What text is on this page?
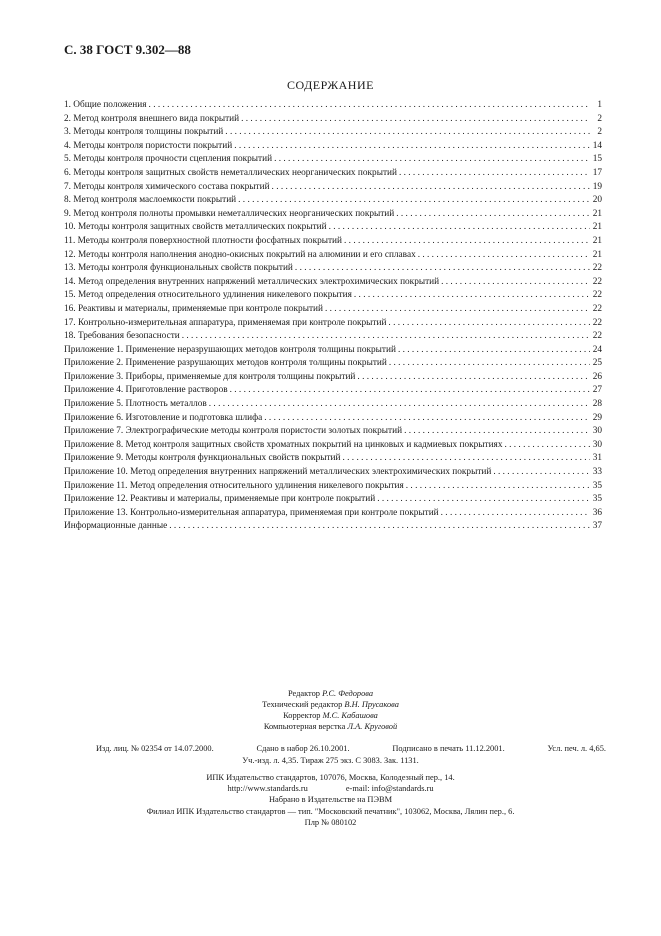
С. 38 ГОСТ 9.302—88
СОДЕРЖАНИЕ
1. Общие положения . . .	1
2. Метод контроля внешнего вида покрытий . . .	2
3. Методы контроля толщины покрытий . . .	2
4. Методы контроля пористости покрытий . . .	14
5. Методы контроля прочности сцепления покрытий . . .	15
6. Методы контроля защитных свойств неметаллических неорганических покрытий . . .	17
7. Методы контроля химического состава покрытий . . .	19
8. Метод контроля маслоемкости покрытий . . .	20
9. Метод контроля полноты промывки неметаллических неорганических покрытий . . .	21
10. Методы контроля защитных свойств металлических покрытий . . .	21
11. Методы контроля поверхностной плотности фосфатных покрытий . . .	21
12. Методы контроля наполнения анодно-окисных покрытий на алюминии и его сплавах . . .	21
13. Методы контроля функциональных свойств покрытий . . .	22
14. Метод определения внутренних напряжений металлических электрохимических покрытий . . .	22
15. Метод определения относительного удлинения никелевого покрытия . . .	22
16. Реактивы и материалы, применяемые при контроле покрытий . . .	22
17. Контрольно-измерительная аппаратура, применяемая при контроле покрытий . . .	22
18. Требования безопасности . . .	22
Приложение 1. Применение неразрушающих методов контроля толщины покрытий . . .	24
Приложение 2. Применение разрушающих методов контроля толщины покрытий . . .	25
Приложение 3. Приборы, применяемые для контроля толщины покрытий . . .	26
Приложение 4. Приготовление растворов . . .	27
Приложение 5. Плотность металлов . . .	28
Приложение 6. Изготовление и подготовка шлифа . . .	29
Приложение 7. Электрографические методы контроля пористости золотых покрытий . . .	30
Приложение 8. Метод контроля защитных свойств хроматных покрытий на цинковых и кадмиевых покрытиях . . .	30
Приложение 9. Методы контроля функциональных свойств покрытий . . .	31
Приложение 10. Метод определения внутренних напряжений металлических электрохимических покрытий . . .	33
Приложение 11. Метод определения относительного удлинения никелевого покрытия . . .	35
Приложение 12. Реактивы и материалы, применяемые при контроле покрытий . . .	35
Приложение 13. Контрольно-измерительная аппаратура, применяемая при контроле покрытий . . .	36
Информационные данные . . .	37
Редактор Р.С. Федорова
Технический редактор В.Н. Прусакова
Корректор М.С. Кабашова
Компьютерная верстка Л.А. Круговой
Изд. лиц. № 02354 от 14.07.2000.	Сдано в набор 26.10.2001.	Подписано в печать 11.12.2001.	Усл. печ. л. 4,65.
Уч.-изд. л. 4,35. Тираж 275 экз. С 3083. Зак. 1131.
ИПК Издательство стандартов, 107076, Москва, Колодезный пер., 14.
http://www.standards.ru	e-mail: info@standards.ru
Набрано в Издательстве на ПЭВМ
Филиал ИПК Издательство стандартов — тип. "Московский печатник", 103062, Москва, Лялин пер., 6.
Плр № 080102
